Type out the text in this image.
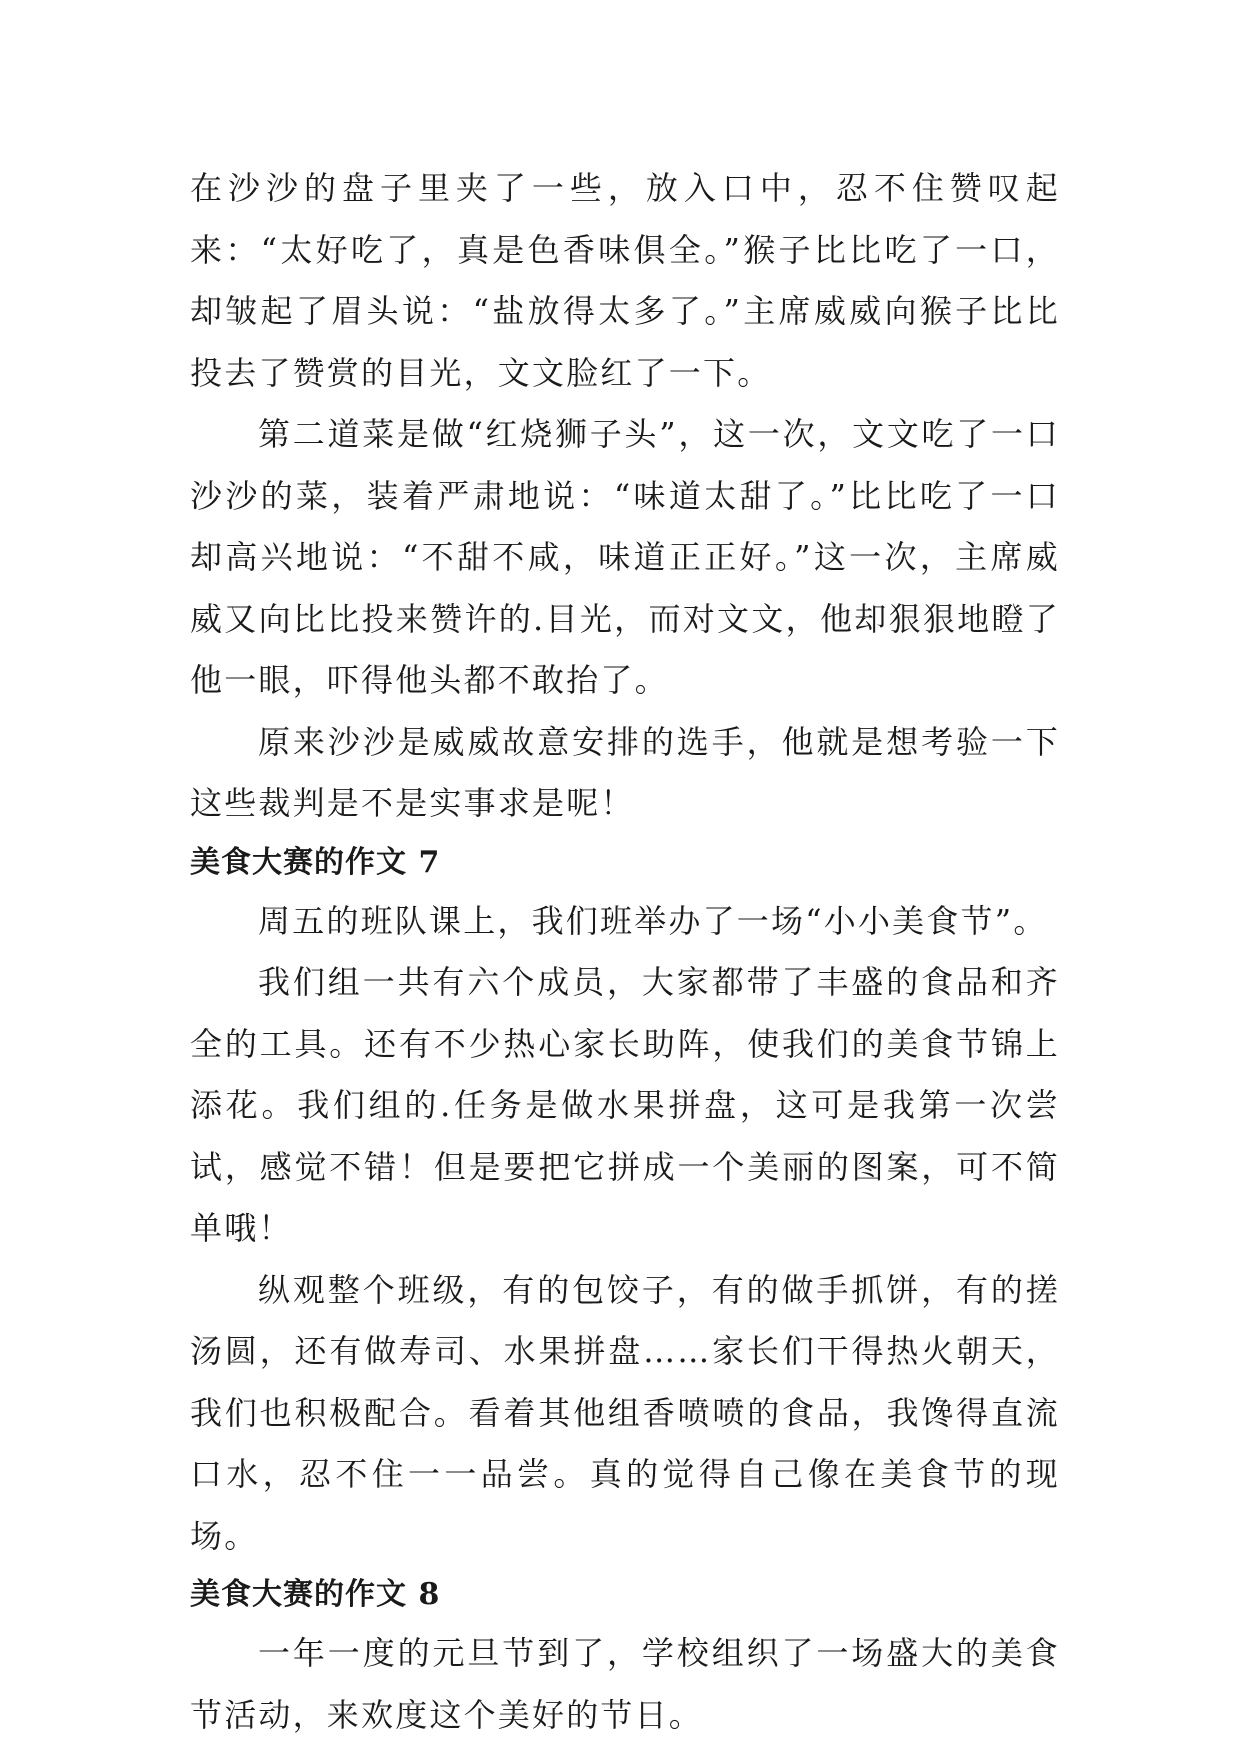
在沙沙的盘子里夹了一些，放入口中，忍不住赞叹起来：“太好吃了，真是色香味俱全。”猴子比比吃了一口，却皱起了眉头说：“盐放得太多了。”主席威威向猴子比比投去了赞赏的目光，文文脸红了一下。

第二道菜是做“红烧狮子头”，这一次，文文吃了一口沙沙的菜，装着严肃地说：“味道太甜了。”比比吃了一口却高兴地说：“不甜不咸，味道正正好。”这一次，主席威威又向比比投来赞许的.目光，而对文文，他却狠狠地瞪了他一眼，吓得他头都不敢抬了。

原来沙沙是威威故意安排的选手，他就是想考验一下这些裁判是不是实事求是呢！

美食大赛的作文 7

周五的班队课上，我们班举办了一场“小小美食节”。

我们组一共有六个成员，大家都带了丰盛的食品和齐全的工具。还有不少热心家长助阵，使我们的美食节锦上添花。我们组的.任务是做水果拼盘，这可是我第一次尝试，感觉不错！但是要把它拼成一个美丽的图案，可不简单哦！

纵观整个班级，有的包饺子，有的做手抓饼，有的搓汤圆，还有做寿司、水果拼盘……家长们干得热火朝天，我们也积极配合。看着其他组香喷喷的食品，我馋得直流口水，忍不住一一品尝。真的觉得自己像在美食节的现场。

美食大赛的作文 8

一年一度的元旦节到了，学校组织了一场盛大的美食节活动，来欢度这个美好的节日。
